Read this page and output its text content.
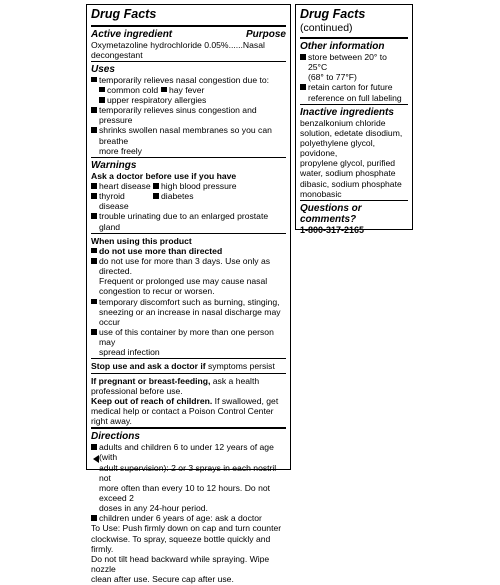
Drug Facts
Active ingredient	Purpose
Oxymetazoline hydrochloride 0.05%......Nasal decongestant
Uses
temporarily relieves nasal congestion due to:
common cold	hay fever
upper respiratory allergies
temporarily relieves sinus congestion and pressure
shrinks swollen nasal membranes so you can breathe
more freely
Warnings
Ask a doctor before use if you have
heart disease	high blood pressure
thyroid disease
diabetes
trouble urinating due to an enlarged prostate gland
When using this product
do not use more than directed
do not use for more than 3 days. Use only as directed.
Frequent or prolonged use may cause nasal
congestion to recur or worsen.
temporary discomfort such as burning, stinging,
sneezing or an increase in nasal discharge may occur
use of this container by more than one person may
spread infection
Stop use and ask a doctor if symptoms persist
If pregnant or breast-feeding, ask a health
professional before use.
Keep out of reach of children. If swallowed, get
medical help or contact a Poison Control Center
right away.
Directions
adults and children 6 to under 12 years of age (with
adult supervision): 2 or 3 sprays in each nostril not
more often than every 10 to 12 hours. Do not exceed 2
doses in any 24-hour period.
children under 6 years of age: ask a doctor
To Use: Push firmly down on cap and turn counter
clockwise. To spray, squeeze bottle quickly and firmly.
Do not tilt head backward while spraying. Wipe nozzle
clean after use. Secure cap after use.
Drug Facts (continued)
Other information
store between 20° to 25°C
(68° to 77°F)
retain carton for future
reference on full labeling
Inactive ingredients
benzalkonium chloride
solution, edetate disodium,
polyethylene glycol, povidone,
propylene glycol, purified
water, sodium phosphate
dibasic, sodium phosphate
monobasic
Questions or comments?
1-800-317-2165
